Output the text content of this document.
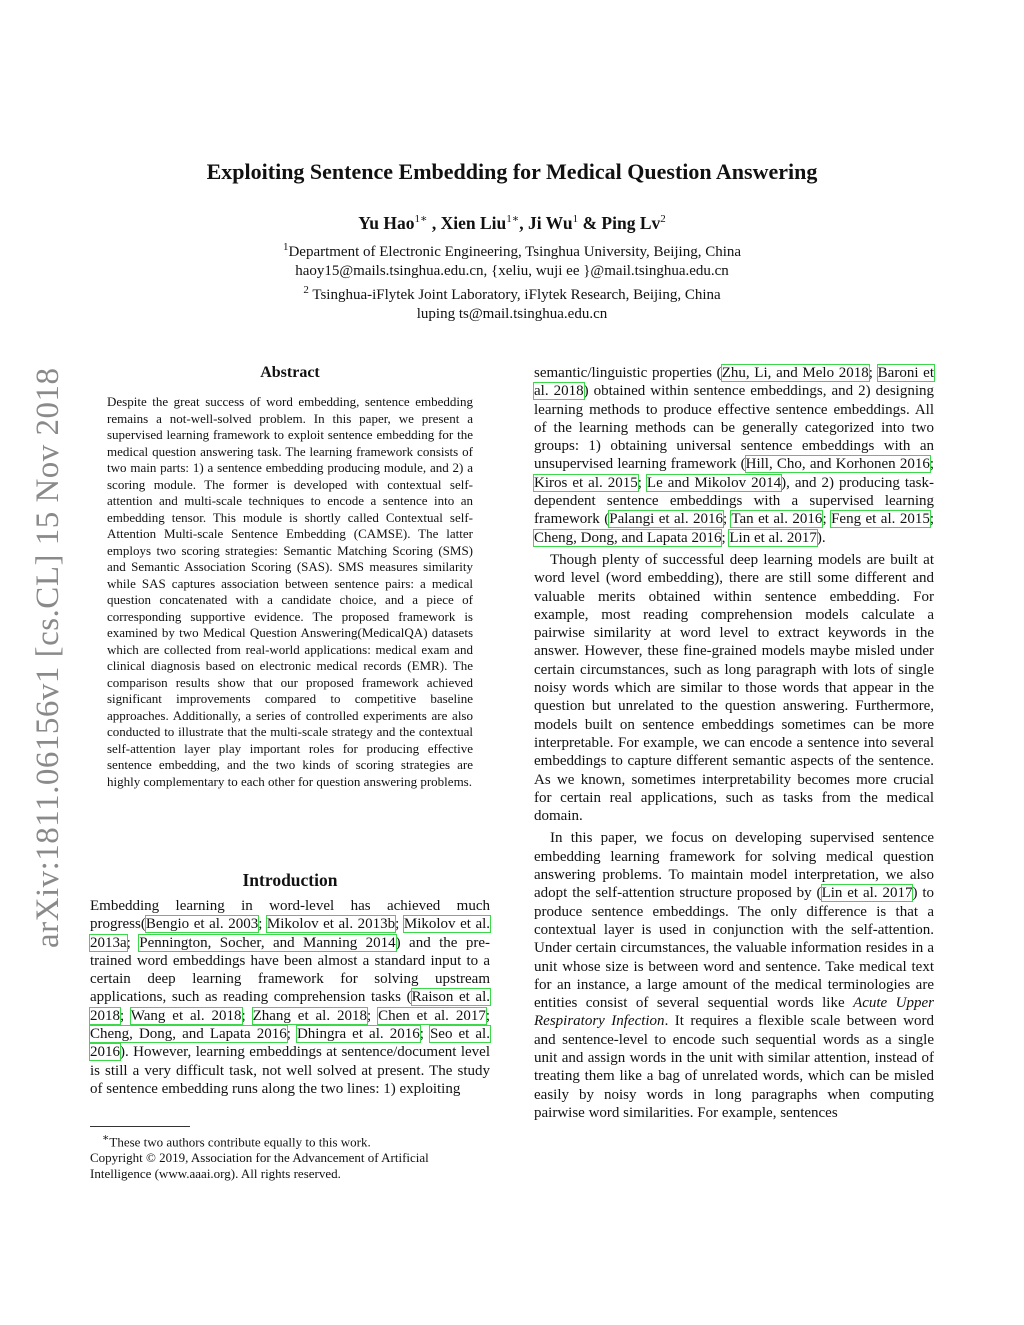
arXiv:1811.06156v1 [cs.CL] 15 Nov 2018
Exploiting Sentence Embedding for Medical Question Answering
Yu Hao$^{1∗}$ , Xien Liu$^{1∗}$, Ji Wu$^1$ & Ping Lv$^2$
$^1$Department of Electronic Engineering, Tsinghua University, Beijing, China
haoy15@mails.tsinghua.edu.cn, {xeliu, wuji ee }@mail.tsinghua.edu.cn
$^2$ Tsinghua-iFlytek Joint Laboratory, iFlytek Research, Beijing, China
luping ts@mail.tsinghua.edu.cn
Abstract
Despite the great success of word embedding, sentence embedding remains a not-well-solved problem. In this paper, we present a supervised learning framework to exploit sentence embedding for the medical question answering task. The learning framework consists of two main parts: 1) a sentence embedding producing module, and 2) a scoring module. The former is developed with contextual self-attention and multi-scale techniques to encode a sentence into an embedding tensor. This module is shortly called Contextual self-Attention Multi-scale Sentence Embedding (CAMSE). The latter employs two scoring strategies: Semantic Matching Scoring (SMS) and Semantic Association Scoring (SAS). SMS measures similarity while SAS captures association between sentence pairs: a medical question concatenated with a candidate choice, and a piece of corresponding supportive evidence. The proposed framework is examined by two Medical Question Answering(MedicalQA) datasets which are collected from real-world applications: medical exam and clinical diagnosis based on electronic medical records (EMR). The comparison results show that our proposed framework achieved significant improvements compared to competitive baseline approaches. Additionally, a series of controlled experiments are also conducted to illustrate that the multi-scale strategy and the contextual self-attention layer play important roles for producing effective sentence embedding, and the two kinds of scoring strategies are highly complementary to each other for question answering problems.
Introduction

Embedding learning in word-level has achieved much progress(Bengio et al. 2003; Mikolov et al. 2013b; Mikolov et al. 2013a; Pennington, Socher, and Manning 2014) and the pre-trained word embeddings have been almost a standard input to a certain deep learning framework for solving upstream applications, such as reading comprehension tasks (Raison et al. 2018; Wang et al. 2018; Zhang et al. 2018; Chen et al. 2017; Cheng, Dong, and Lapata 2016; Dhingra et al. 2016; Seo et al. 2016). However, learning embeddings at sentence/document level is still a very difficult task, not well solved at present. The study of sentence embedding runs along the two lines: 1) exploiting

∗These two authors contribute equally to this work.
Copyright © 2019, Association for the Advancement of Artificial Intelligence (www.aaai.org). All rights reserved.

semantic/linguistic properties (Zhu, Li, and Melo 2018; Baroni et al. 2018) obtained within sentence embeddings, and 2) designing learning methods to produce effective sentence embeddings. All of the learning methods can be generally categorized into two groups: 1) obtaining universal sentence embeddings with an unsupervised learning framework (Hill, Cho, and Korhonen 2016; Kiros et al. 2015; Le and Mikolov 2014), and 2) producing task-dependent sentence embeddings with a supervised learning framework (Palangi et al. 2016; Tan et al. 2016; Feng et al. 2015; Cheng, Dong, and Lapata 2016; Lin et al. 2017).

Though plenty of successful deep learning models are built at word level (word embedding), there are still some different and valuable merits obtained within sentence embedding. For example, most reading comprehension models calculate a pairwise similarity at word level to extract keywords in the answer. However, these fine-grained models maybe misled under certain circumstances, such as long paragraph with lots of single noisy words which are similar to those words that appear in the question but unrelated to the question answering. Furthermore, models built on sentence embeddings sometimes can be more interpretable. For example, we can encode a sentence into several embeddings to capture different semantic aspects of the sentence. As we known, sometimes interpretability becomes more crucial for certain real applications, such as tasks from the medical domain.

In this paper, we focus on developing supervised sentence embedding learning framework for solving medical question answering problems. To maintain model interpretation, we also adopt the self-attention structure proposed by (Lin et al. 2017) to produce sentence embeddings. The only difference is that a contextual layer is used in conjunction with the self-attention. Under certain circumstances, the valuable information resides in a unit whose size is between word and sentence. Take medical text for an instance, a large amount of the medical terminologies are entities consist of several sequential words like Acute Upper Respiratory Infection. It requires a flexible scale between word and sentence-level to encode such sequential words as a single unit and assign words in the unit with similar attention, instead of treating them like a bag of unrelated words, which can be misled easily by noisy words in long paragraphs when computing pairwise word similarities. For example, sentences
